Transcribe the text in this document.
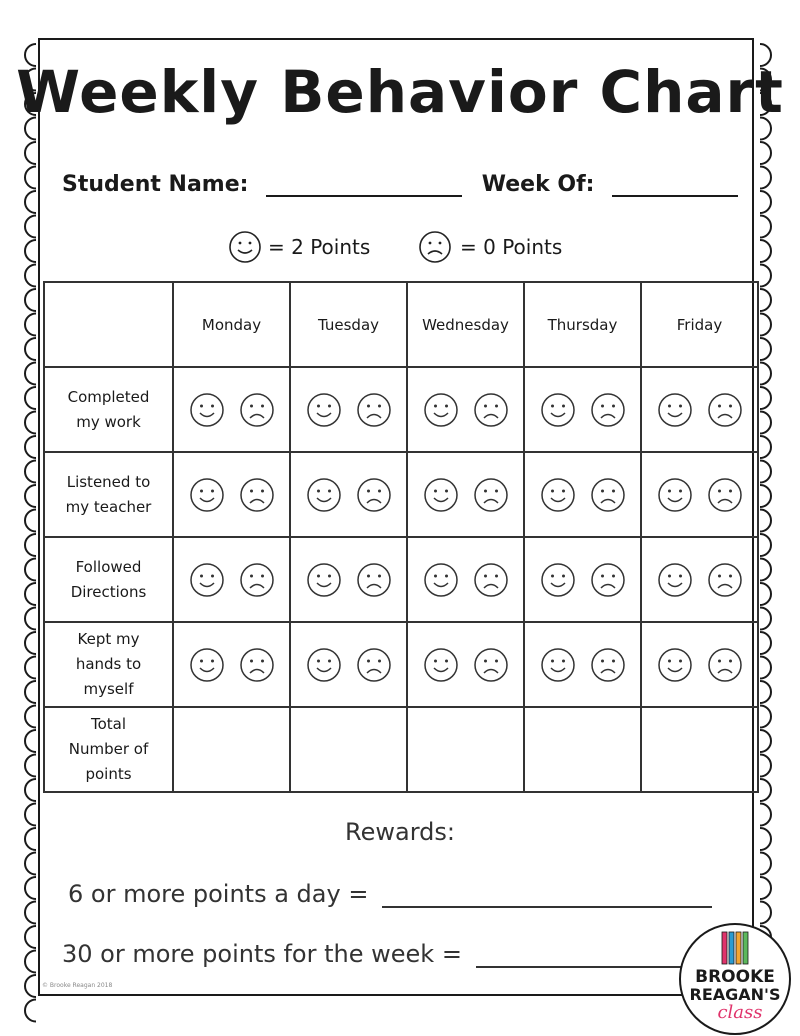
Weekly Behavior Chart
Student Name:	Week Of:
= 2 Points	= 0 Points
	Monday	Tuesday	Wednesday	Thursday	Friday

Completed
my work

Listened to
my teacher

Followed
Directions

Kept my
hands to
myself

Total
Number of
points					

Rewards:
6 or more points a day =
30 or more points for the week =
© Brooke Reagan 2018	BROOKE
REAGAN'S
class
